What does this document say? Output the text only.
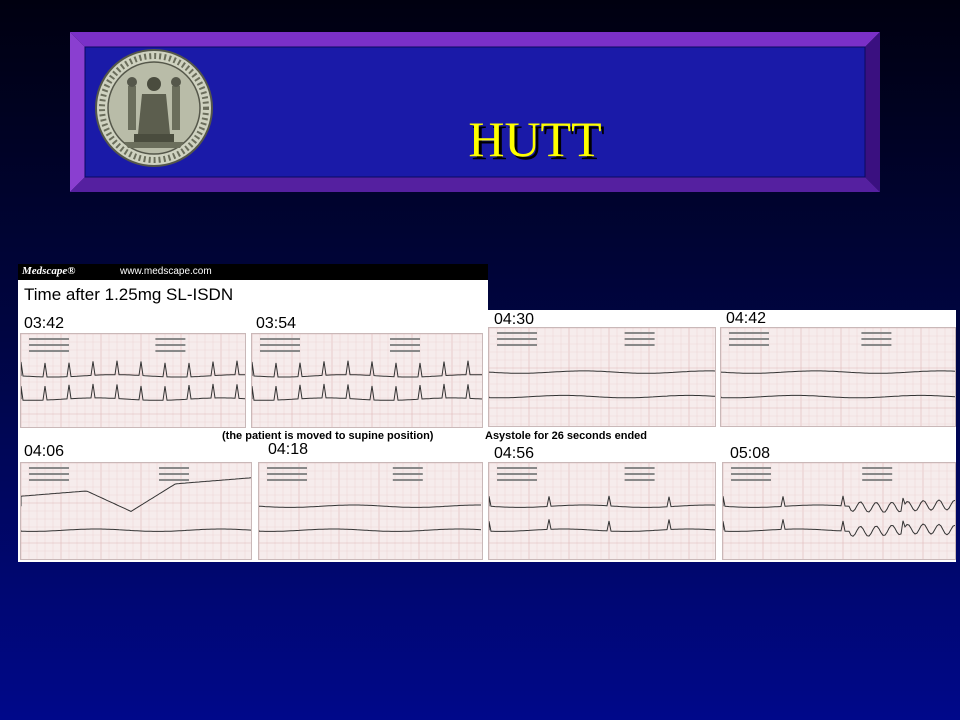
HUTT
Medscape®	www.medscape.com
Time after 1.25mg SL-ISDN
03:42	03:54	04:30	04:42
04:06	04:18	04:56	05:08
(the patient is moved to supine position)	Asystole for 26 seconds ended
